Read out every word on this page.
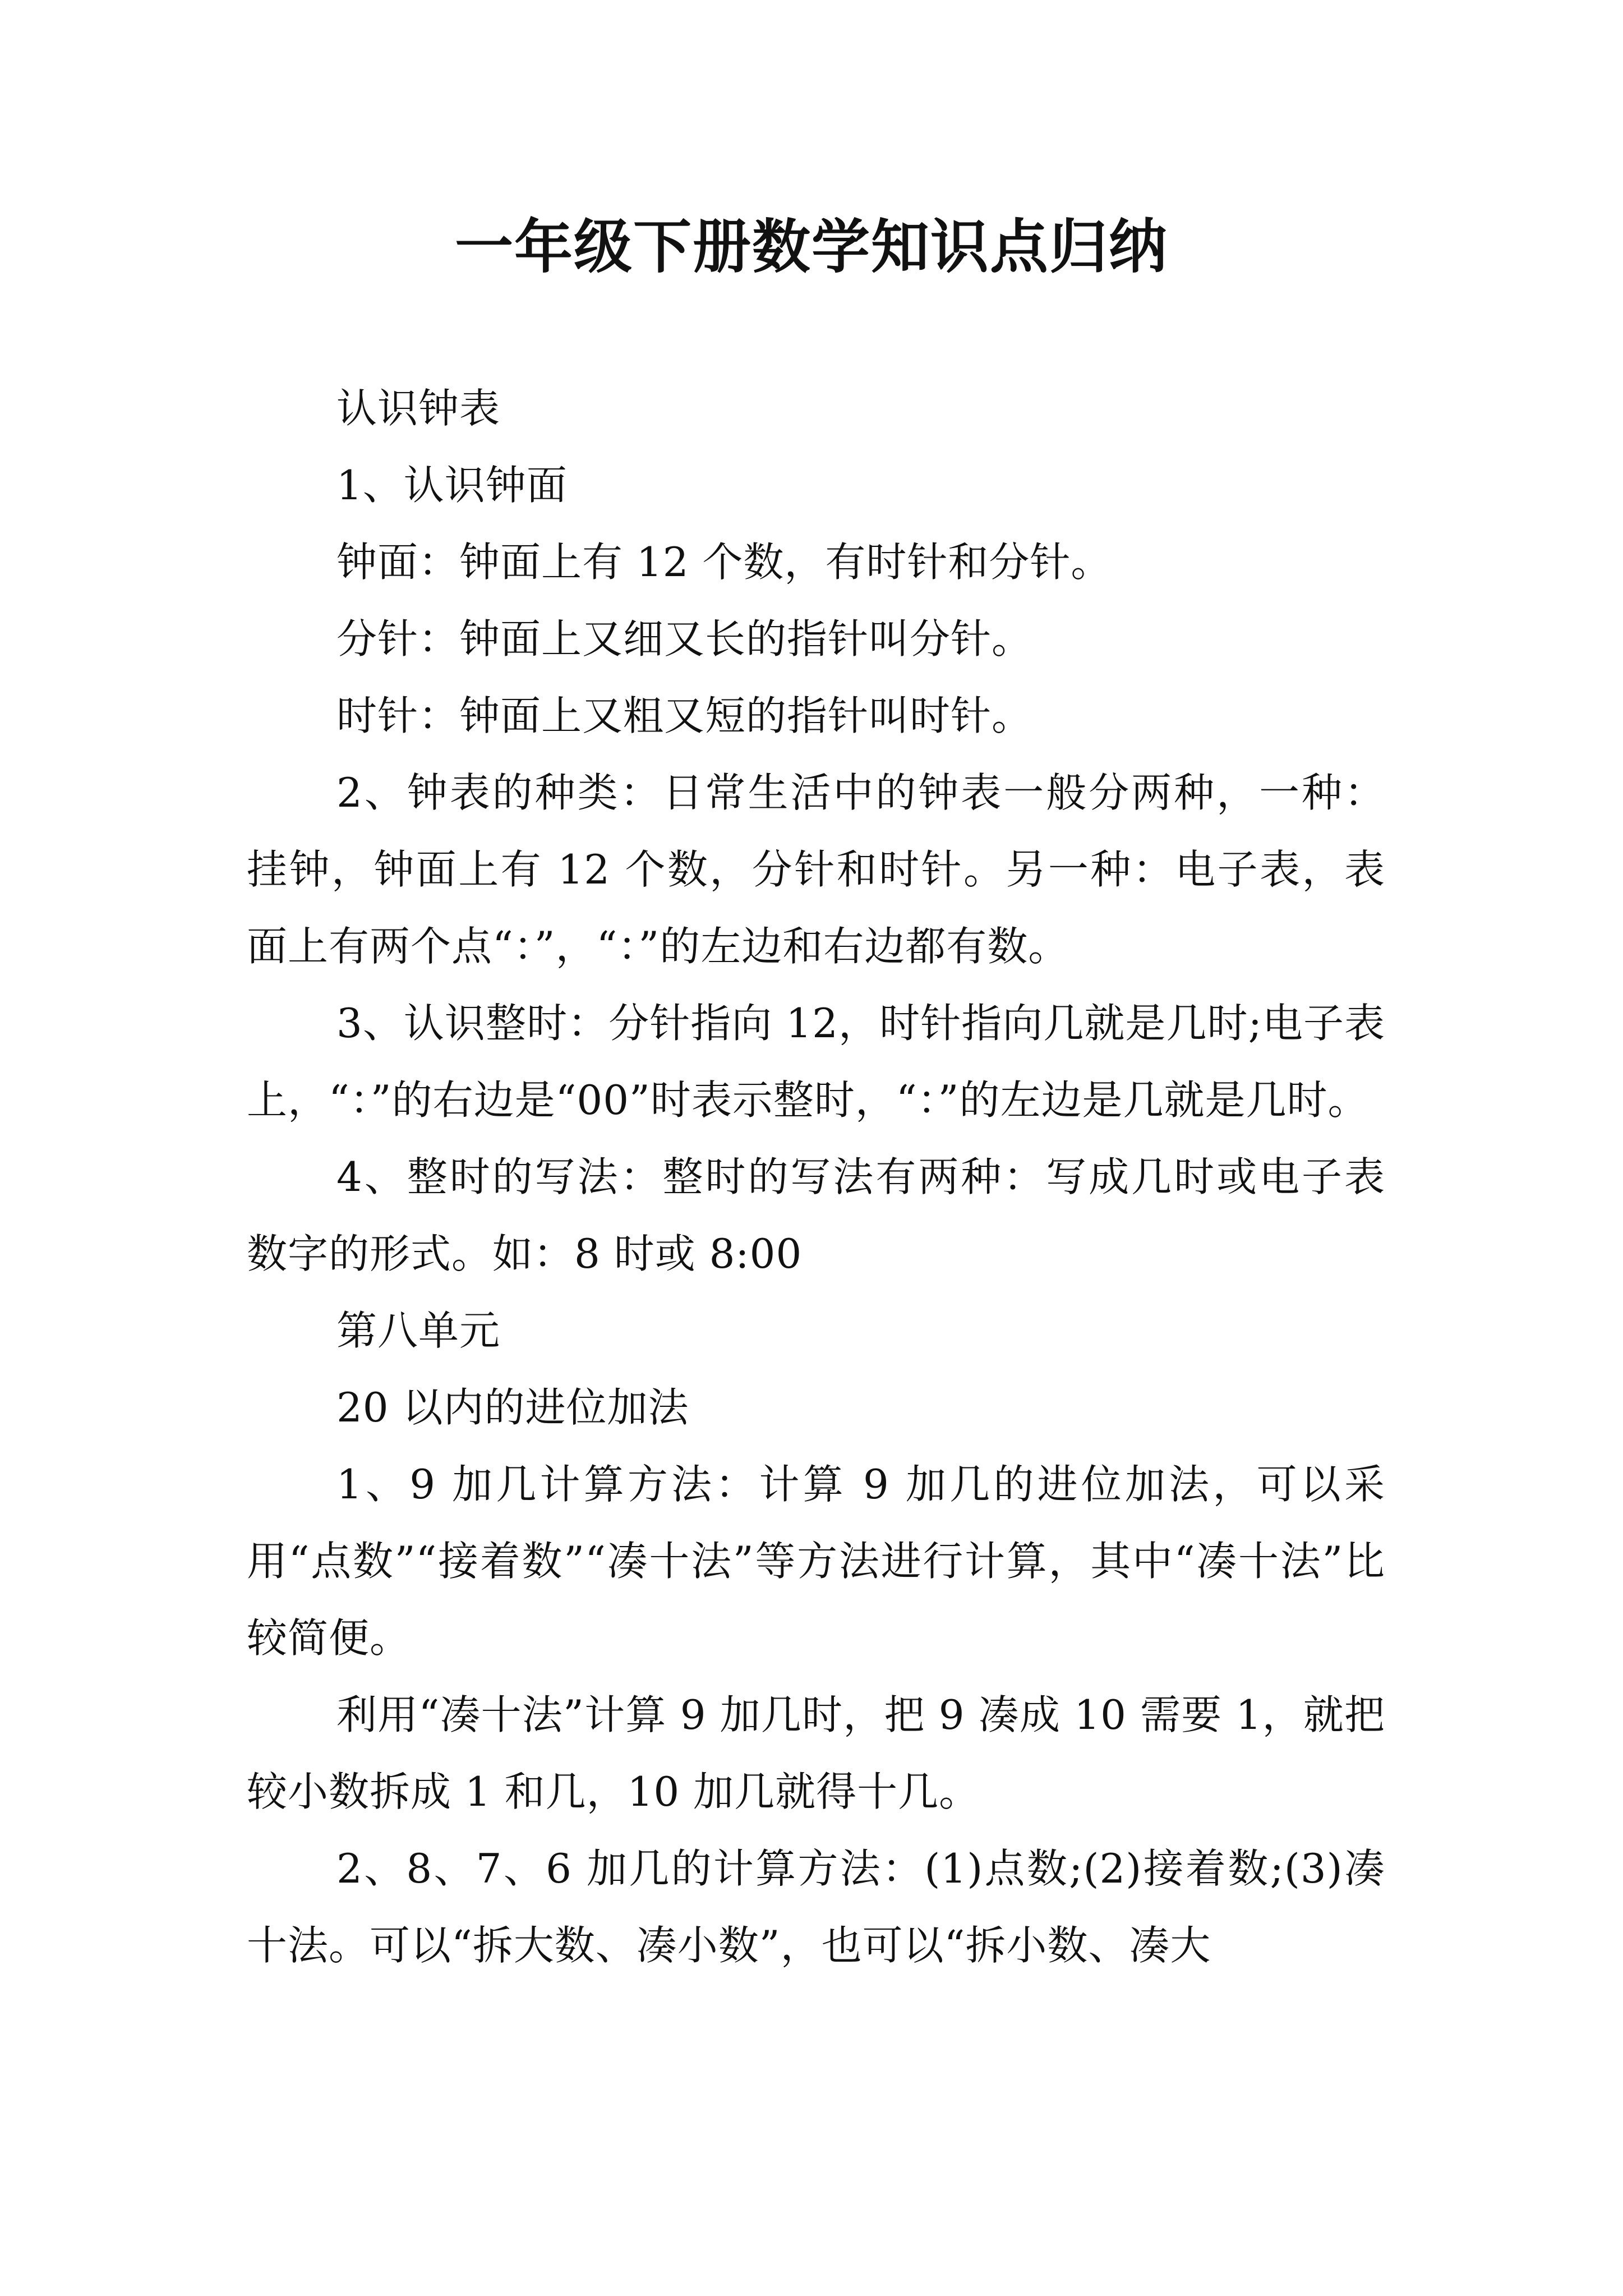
一年级下册数学知识点归纳

认识钟表

1、认识钟面

钟面：钟面上有 12 个数，有时针和分针。

分针：钟面上又细又长的指针叫分针。

时针：钟面上又粗又短的指针叫时针。

2、钟表的种类：日常生活中的钟表一般分两种，一种：挂钟，钟面上有 12 个数，分针和时针。另一种：电子表，表面上有两个点“：”，“：”的左边和右边都有数。

3、认识整时：分针指向 12，时针指向几就是几时;电子表上，“：”的右边是“00”时表示整时，“：”的左边是几就是几时。

4、整时的写法：整时的写法有两种：写成几时或电子表数字的形式。如：8 时或 8:00

第八单元

20 以内的进位加法

1、9 加几计算方法：计算 9 加几的进位加法，可以采用“点数”“接着数”“凑十法”等方法进行计算，其中“凑十法”比较简便。

利用“凑十法”计算 9 加几时，把 9 凑成 10 需要 1，就把较小数拆成 1 和几，10 加几就得十几。

2、8、7、6 加几的计算方法：(1)点数;(2)接着数;(3)凑十法。可以“拆大数、凑小数”，也可以“拆小数、凑大
